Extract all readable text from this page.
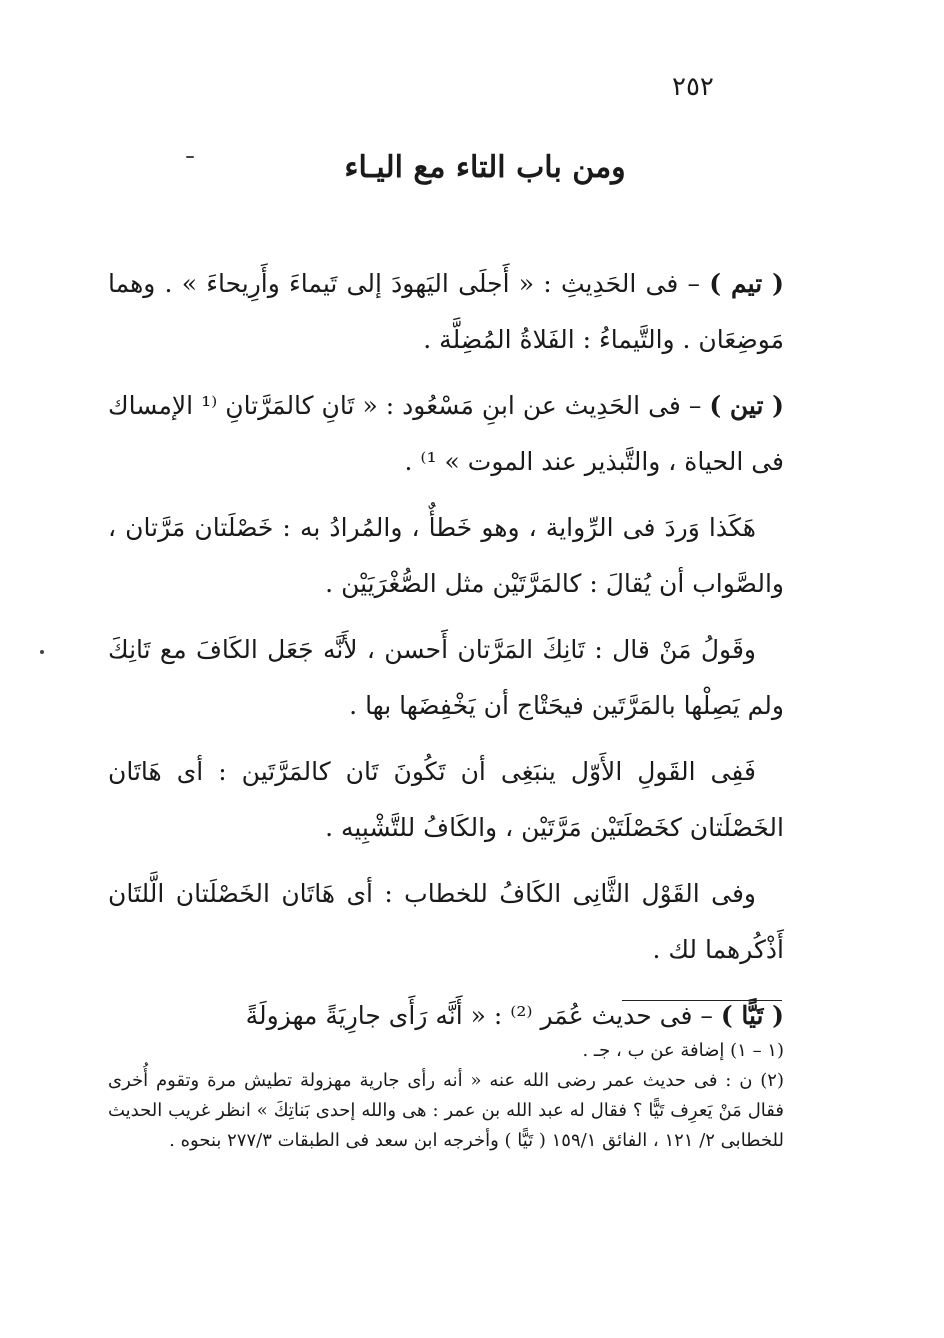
٢٥٢
ومن باب التاء مع اليـاء

( تيم ) – فى الحَدِيثِ : « أَجلَى اليَهودَ إلى تَيماءَ وأَرِيحاءَ » . وهما مَوضِعَان . والتَّيماءُ : الفَلاةُ المُضِلَّة .

( تين ) – فى الحَدِيث عن ابنِ مَسْعُود : « تَانِ كالمَرَّتانِ ⁽¹ الإمساك فى الحياة ، والتَّبذير عند الموت » ¹⁾ .

هَكَذا وَردَ فى الرِّواية ، وهو خَطأٌ ، والمُرادُ به : خَصْلَتان مَرَّتان ، والصَّواب أن يُقالَ : كالمَرَّتَيْن مثل الصُّغْرَيَيْن .

وقَولُ مَنْ قال : تَانِكَ المَرَّتان أَحسن ، لأَنَّه جَعَل الكَافَ مع تَانِكَ ولم يَصِلْها بالمَرَّتَين فيحَتْاج أن يَخْفِضَها بها .

فَفِى القَولِ الأَوّل ينبَغِى أن تَكُونَ تَان كالمَرَّتَين : أى هَاتَان الخَصْلَتان كخَصْلَتَيْن مَرَّتَيْن ، والكَافُ للتَّشْبِيه .

وفى القَوْل الثَّانِى الكَافُ للخطاب : أى هَاتَان الخَصْلَتان الَّلتَان أَذْكُرهما لك .

( تَيًّا ) – فى حديث عُمَر ⁽²⁾ : « أَنَّه رَأَى جارِيَةً مهزولَةً

(١ – ١) إضافة عن ب ، جـ .

(٢) ن : فى حديث عمر رضى الله عنه « أنه رأى جارية مهزولة تطيش مرة وتقوم أُخرى فقال مَنْ يَعرِف تَيًّا ؟ فقال له عبد الله بن عمر : هى والله إحدى بَناتِكَ » انظر غريب الحديث للخطابى ٢/ ١٢١ ، الفائق ١٥٩/١ ( تَيًّا ) وأخرجه ابن سعد فى الطبقات ٢٧٧/٣ بنحوه .
